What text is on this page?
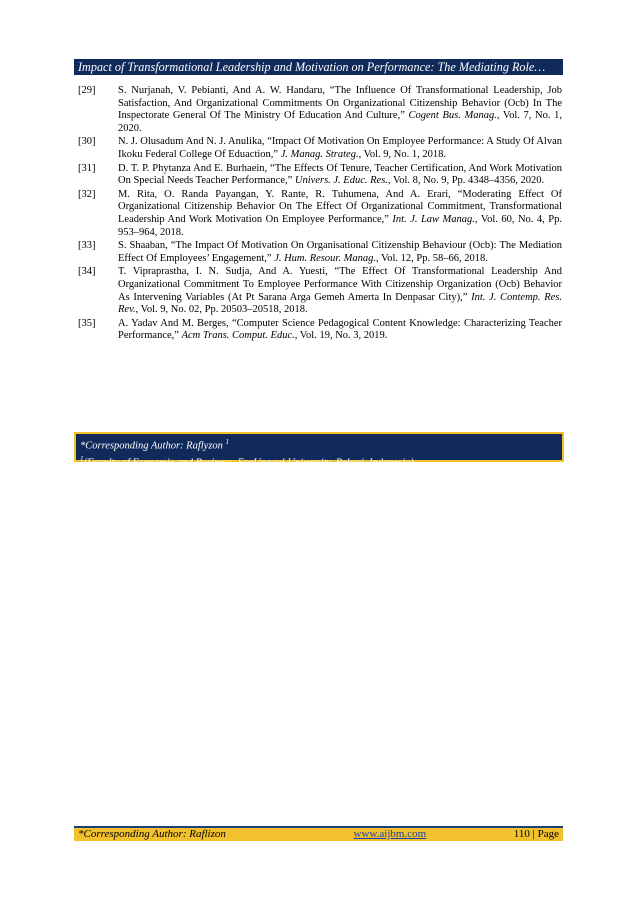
Impact of Transformational Leadership and Motivation on Performance: The Mediating Role…
[29]	S. Nurjanah, V. Pebianti, And A. W. Handaru, “The Influence Of Transformational Leadership, Job Satisfaction, And Organizational Commitments On Organizational Citizenship Behavior (Ocb) In The Inspectorate General Of The Ministry Of Education And Culture,” Cogent Bus. Manag., Vol. 7, No. 1, 2020.
[30]	N. J. Olusadum And N. J. Anulika, “Impact Of Motivation On Employee Performance: A Study Of Alvan Ikoku Federal College Of Eduaction,” J. Manag. Strateg., Vol. 9, No. 1, 2018.
[31]	D. T. P. Phytanza And E. Burhaein, “The Effects Of Tenure, Teacher Certification, And Work Motivation On Special Needs Teacher Performance,” Univers. J. Educ. Res., Vol. 8, No. 9, Pp. 4348–4356, 2020.
[32]	M. Rita, O. Randa Payangan, Y. Rante, R. Tuhumena, And A. Erari, “Moderating Effect Of Organizational Citizenship Behavior On The Effect Of Organizational Commitment, Transformational Leadership And Work Motivation On Employee Performance,” Int. J. Law Manag., Vol. 60, No. 4, Pp. 953–964, 2018.
[33]	S. Shaaban, “The Impact Of Motivation On Organisational Citizenship Behaviour (Ocb): The Mediation Effect Of Employees’ Engagement,” J. Hum. Resour. Manag., Vol. 12, Pp. 58–66, 2018.
[34]	T. Vipraprastha, I. N. Sudja, And A. Yuesti, “The Effect Of Transformational Leadership And Organizational Commitment To Employee Performance With Citizenship Organization (Ocb) Behavior As Intervening Variables (At Pt Sarana Arga Gemeh Amerta In Denpasar City),” Int. J. Contemp. Res. Rev., Vol. 9, No. 02, Pp. 20503–20518, 2018.
[35]	A. Yadav And M. Berges, “Computer Science Pedagogical Content Knowledge: Characterizing Teacher Performance,” Acm Trans. Comput. Educ., Vol. 19, No. 3, 2019.
*Corresponding Author: Raflyzon $^1$
$^1$(Faculty of Economic and Business, EsaUnggul University, Bekasi, Indonesia)
*Corresponding Author: Raflizon	www.aijbm.com	110 | Page
